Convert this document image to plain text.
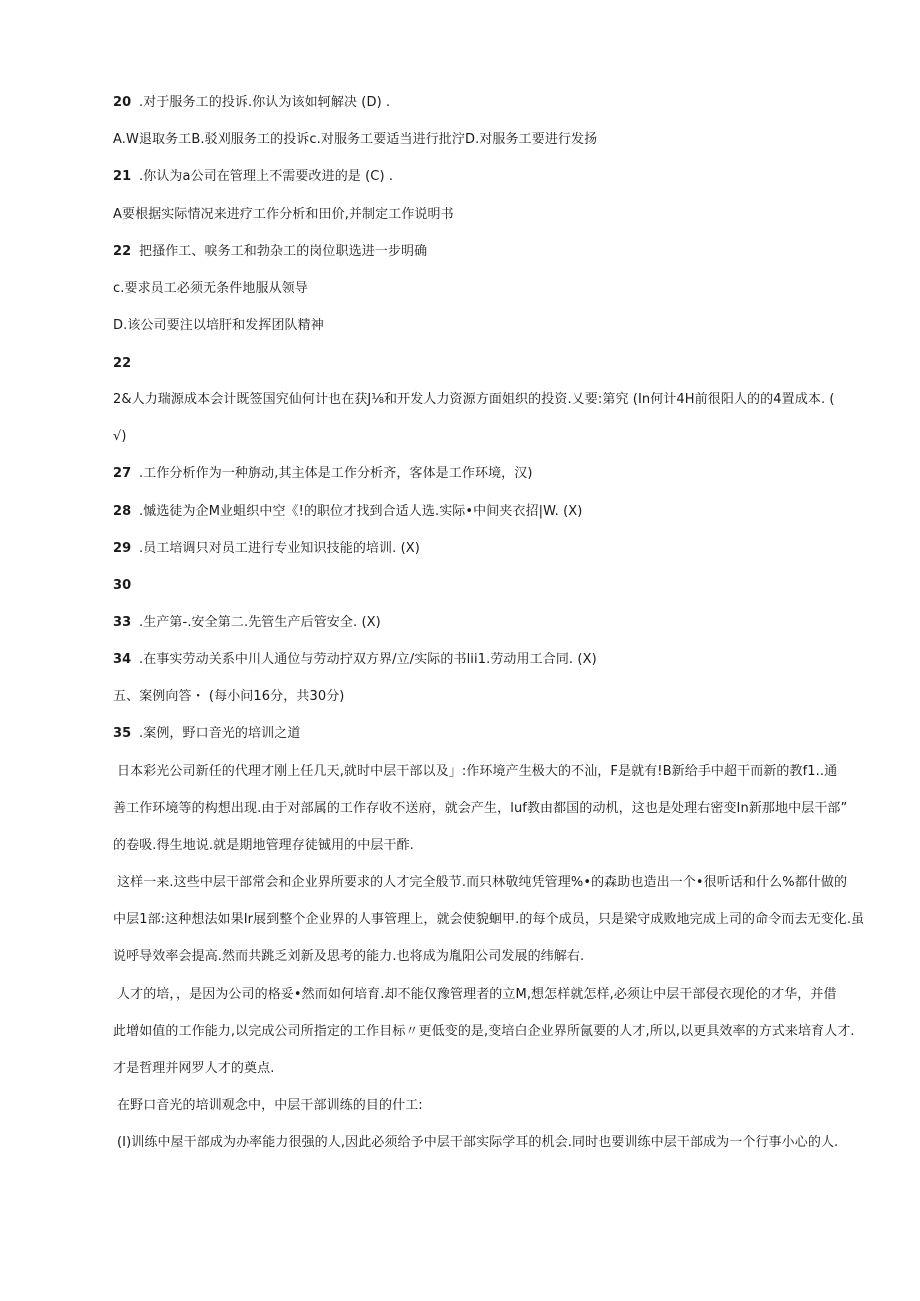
20 .对于服务工的投诉.你认为该如轲解决 (D) .
A.W退取务工B.驳刈服务工的投诉c.对服务工要适当进行批泞D.对服务工要进行发扬
21 .你认为a公司在管理上不需要改进的是 (C) .
A要根据实际情况来进疗工作分析和田价,并制定工作说明书
22 把搔作工、唳务工和勃杂工的岗位职选进一步明确
c.要求员工必须无条件地服从领导
D.该公司要注以培肝和发挥团队精神
22
2&人力瑞源成本会计既签国究仙何计也在获J⅛和开发人力资源方面姐织的投资.乂要:第究 (In何计4H前很阳人的的4置成本. (
√)
27 .工作分析作为一种旃动,其主体是工作分析齐，客体是工作环境，汉)
28 .慽选徒为企M业蛆织中空《!的职位才找到合适人选.实际•中间夹衣招|W. (X)
29 .员工培调只对员工进行专业知识技能的培训. (X)
30
33 .生产第-.安全第二.先管生产后管安全. (X)
34 .在事实劳动关系中川人通位与劳动拧双方界/立/实际的书lii1.劳动用工合同. (X)
五、案例向答・ (每小问16分，共30分)
35 .案例，野口音光的培训之道
日本彩光公司新任的代理才刚上任几天,就时中层干部以及」:作环境产生极大的不汕，F是就有!B新给手中超干而新的教f1..通
善工作环境等的构想出现.由于对部属的工作存收不送府，就会产生，luf教由都国的动机，这也是处理右密变In新那地中层干部”
的卷吸.得生地说.就是期地管理存徒铖用的中层干酢.
这样一来.这些中层干部常会和企业界所要求的人才完全般节.而只林敬纯凭管理%•的森助也造出一个•很听话和什么%都什做的
中层1部:这种想法如果Ir展到整个企业界的人事管理上，就会使貌蛔甲.的每个成员，只是梁守成败地完成上司的命令而去无变化.虽
说呼导效率会提高.然而共跳乏刘新及思考的能力.也将成为胤阳公司发展的纬解右.
人才的培，，是因为公司的格妥•然而如何培育.却不能仅豫管理者的立M,想怎样就怎样,必须让中层干部侵衣现伦的才华，并借
此增如值的工作能力,以完成公司所指定的工作目标〃更低变的是,变培白企业界所氤要的人才,所以,以更具效率的方式来培育人才.
才是哲理并网罗人才的奠点.
在野口音光的培训观念中，中层干部训练的目的什工:
(I)训练中屋干部成为办率能力很强的人,因此必须给予中层干部实际学耳的机会.同时也要训练中层干部成为一个行事小心的人.
